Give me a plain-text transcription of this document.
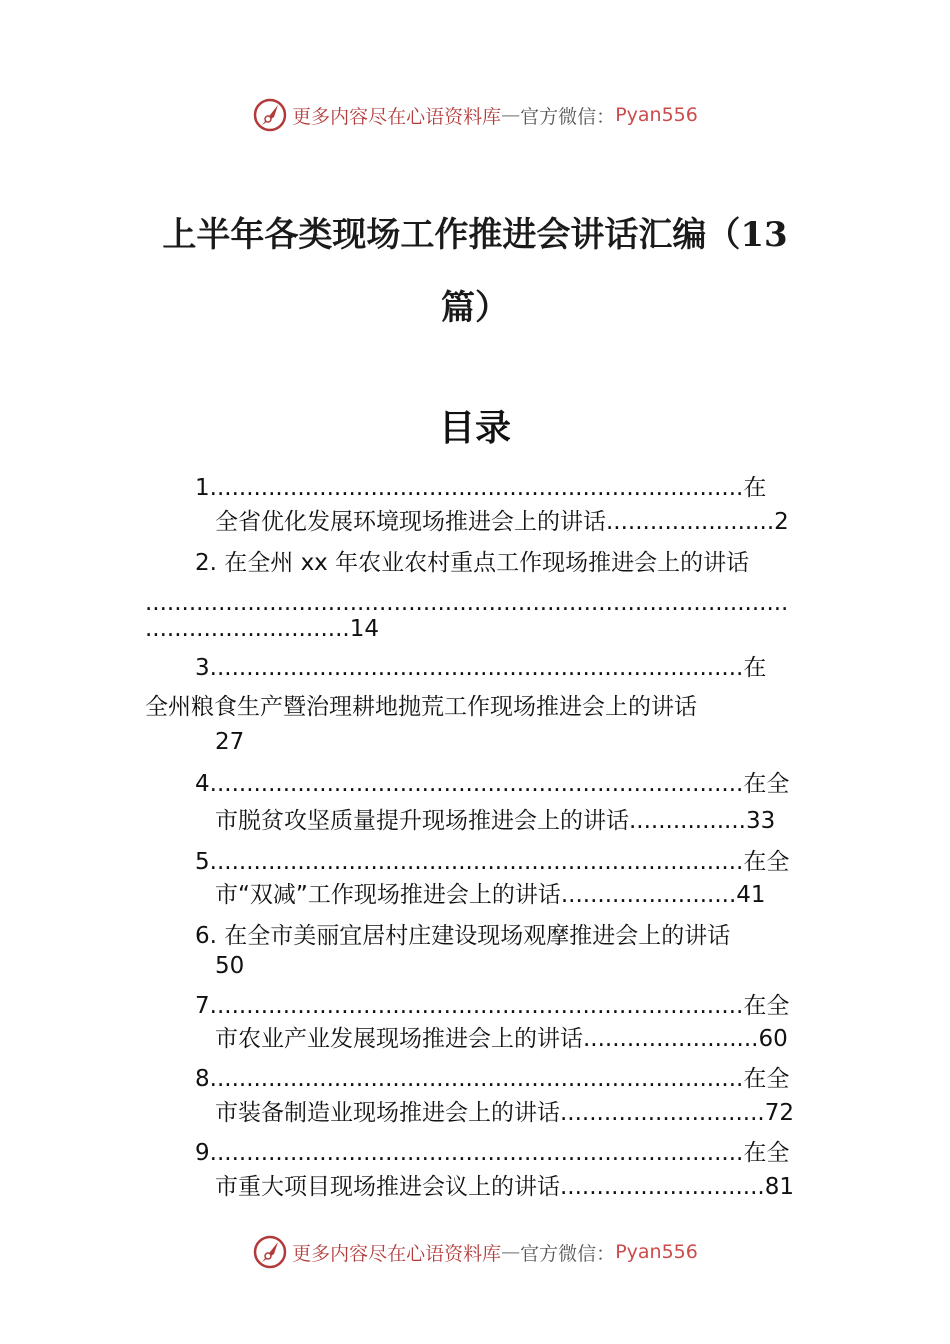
更多内容尽在心语资料库 — 官方微信： Pyan556
上半年各类现场工作推进会讲话汇编（13
篇）
目录
1.........................................................................在
全省优化发展环境现场推进会上的讲话.......................2
2. 在全州 xx 年农业农村重点工作现场推进会上的讲话
........................................................................................
............................14
3.........................................................................在
全州粮食生产暨治理耕地抛荒工作现场推进会上的讲话
27
4.........................................................................在全
市脱贫攻坚质量提升现场推进会上的讲话................33
5.........................................................................在全
市“双减”工作现场推进会上的讲话........................41
6. 在全市美丽宜居村庄建设现场观摩推进会上的讲话
50
7.........................................................................在全
市农业产业发展现场推进会上的讲话........................60
8.........................................................................在全
市装备制造业现场推进会上的讲话............................72
9.........................................................................在全
市重大项目现场推进会议上的讲话............................81
更多内容尽在心语资料库 — 官方微信： Pyan556
